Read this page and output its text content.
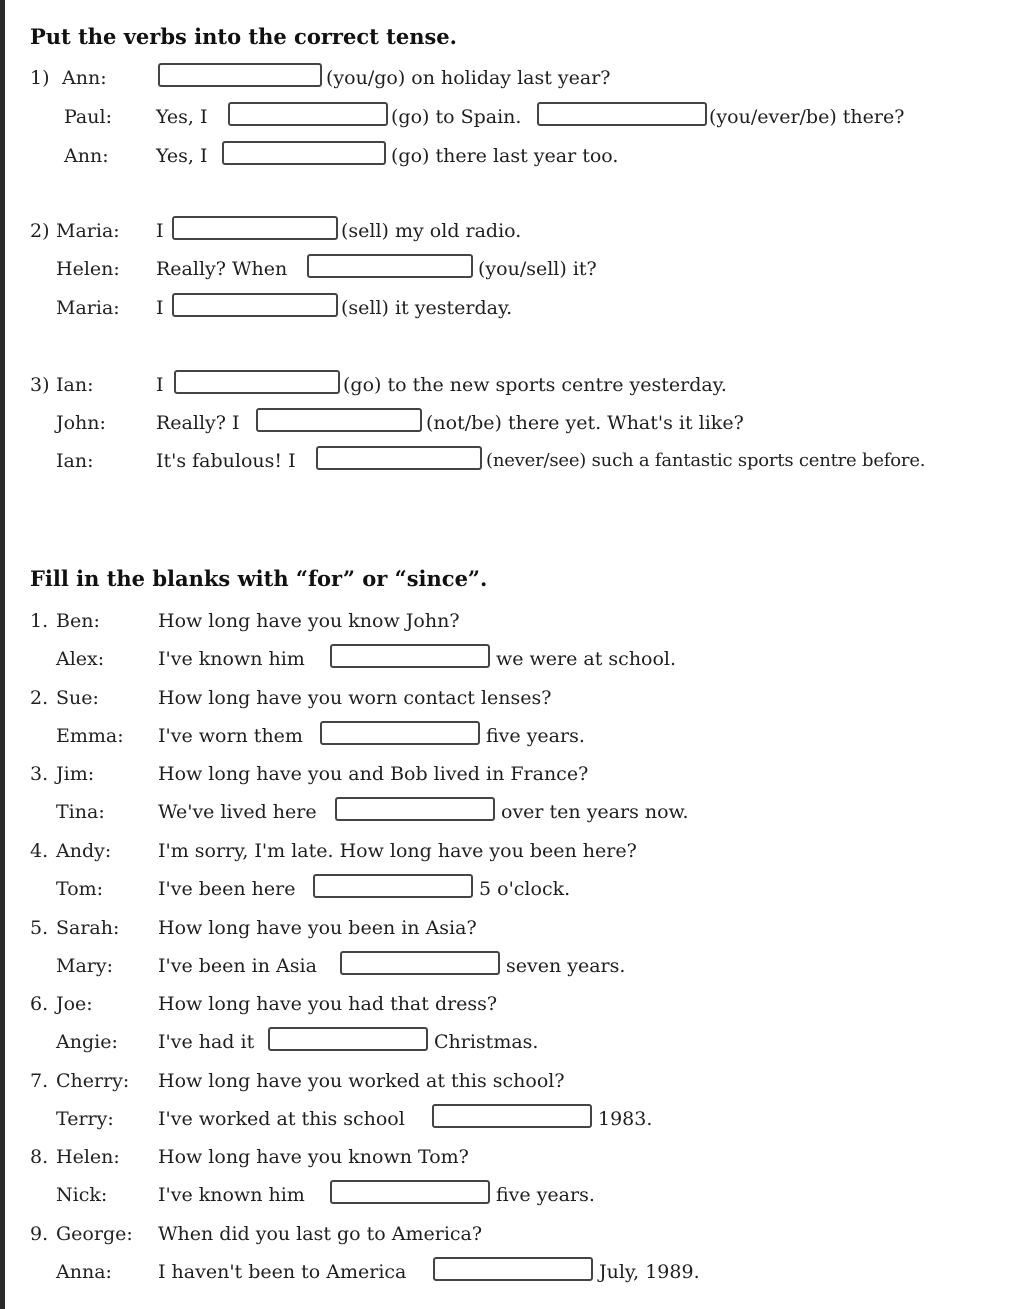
Put the verbs into the correct tense.
1) Ann:	(you/go) on holiday last year?
Paul: Yes, I	(go) to Spain.	(you/ever/be) there?
Ann: Yes, I	(go) there last year too.
2) Maria: I	(sell) my old radio.
Helen: Really? When	(you/sell) it?
Maria: I	(sell) it yesterday.
3) Ian:	I	(go) to the new sports centre yesterday.
John:	Really? I	(not/be) there yet. What's it like?
Ian:	It's fabulous! I	(never/see) such a fantastic sports centre before.
Fill in the blanks with “for” or “since”.
1. Ben:	How long have you know John?
Alex:	I've known him	we were at school.
2. Sue:	How long have you worn contact lenses?
Emma: I've worn them	five years.
3. Jim:	How long have you and Bob lived in France?
Tina:	We've lived here	over ten years now.
4. Andy: I'm sorry, I'm late. How long have you been here?
Tom:	I've been here	5 o'clock.
5. Sarah: How long have you been in Asia?
Mary: I've been in Asia	seven years.
6. Joe:	How long have you had that dress?
Angie: I've had it	Christmas.
7. Cherry: How long have you worked at this school?
Terry: I've worked at this school	1983.
8. Helen: How long have you known Tom?
Nick:	I've known him	five years.
9. George: When did you last go to America?
Anna: I haven't been to America	July, 1989.
